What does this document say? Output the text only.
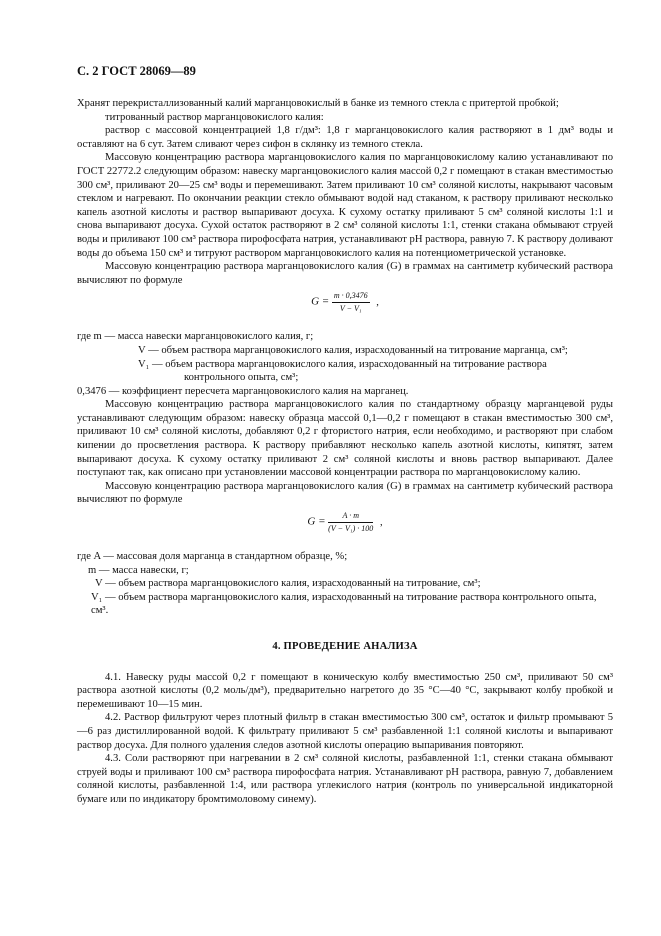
С. 2 ГОСТ 28069—89

Хранят перекристаллизованный калий марганцовокислый в банке из темного стекла с притертой пробкой;

титрованный раствор марганцовокислого калия:

раствор с массовой концентрацией 1,8 г/дм³: 1,8 г марганцовокислого калия растворяют в 1 дм³ воды и оставляют на 6 сут. Затем сливают через сифон в склянку из темного стекла.

Массовую концентрацию раствора марганцовокислого калия по марганцовокислому калию устанавливают по ГОСТ 22772.2 следующим образом: навеску марганцовокислого калия массой 0,2 г помещают в стакан вместимостью 300 см³, приливают 20—25 см³ воды и перемешивают. Затем приливают 10 см³ соляной кислоты, накрывают часовым стеклом и нагревают. По окончании реакции стекло обмывают водой над стаканом, к раствору приливают несколько капель азотной кислоты и раствор выпаривают досуха. К сухому остатку приливают 5 см³ соляной кислоты 1:1 и снова выпаривают досуха. Сухой остаток растворяют в 2 см³ соляной кислоты 1:1, стенки стакана обмывают струей воды и приливают 100 см³ раствора пирофосфата натрия, устанавливают pH раствора, равную 7. К раствору доливают воды до объема 150 см³ и титруют раствором марганцовокислого калия на потенциометрической установке.

Массовую концентрацию раствора марганцовокислого калия (G) в граммах на сантиметр кубический раствора вычисляют по формуле

$G = \frac{m \cdot 0,3476}{\text{V − V₁}}$ ,
где m — масса навески марганцовокислого калия, г;
V — объем раствора марганцовокислого калия, израсходованный на титрование марганца, см³;
V₁ — объем раствора марганцовокислого калия, израсходованный на титрование раствора
контрольного опыта, см³;
0,3476 — коэффициент пересчета марганцовокислого калия на марганец.

Массовую концентрацию раствора марганцовокислого калия по стандартному образцу марганцевой руды устанавливают следующим образом: навеску образца массой 0,1—0,2 г помещают в стакан вместимостью 300 см³, приливают 10 см³ соляной кислоты, добавляют 0,2 г фтористого натрия, если необходимо, и растворяют при слабом кипении до просветления раствора. К раствору прибавляют несколько капель азотной кислоты, кипятят, затем выпаривают досуха. К сухому остатку приливают 2 см³ соляной кислоты и вновь раствор выпаривают. Далее поступают так, как описано при установлении массовой концентрации раствора по марганцовокислому калию.

Массовую концентрацию раствора марганцовокислого калия (G) в граммах на сантиметр кубический раствора вычисляют по формуле

$G = \frac{A \cdot m}{\text{(V − V₁) · 100}}$ ,
где A — массовая доля марганца в стандартном образце, %;
m — масса навески, г;
V — объем раствора марганцовокислого калия, израсходованный на титрование, см³;
V₁ — объем раствора марганцовокислого калия, израсходованный на титрование раствора контрольного опыта, см³.
4. ПРОВЕДЕНИЕ АНАЛИЗА

4.1. Навеску руды массой 0,2 г помещают в коническую колбу вместимостью 250 см³, приливают 50 см³ раствора азотной кислоты (0,2 моль/дм³), предварительно нагретого до 35 °С—40 °С, закрывают колбу пробкой и перемешивают 10—15 мин.

4.2. Раствор фильтруют через плотный фильтр в стакан вместимостью 300 см³, остаток и фильтр промывают 5—6 раз дистиллированной водой. К фильтрату приливают 5 см³ разбавленной 1:1 соляной кислоты и выпаривают раствор досуха. Для полного удаления следов азотной кислоты операцию выпаривания повторяют.

4.3. Соли растворяют при нагревании в 2 см³ соляной кислоты, разбавленной 1:1, стенки стакана обмывают струей воды и приливают 100 см³ раствора пирофосфата натрия. Устанавливают pH раствора, равную 7, добавлением соляной кислоты, разбавленной 1:4, или раствора углекислого натрия (контроль по универсальной индикаторной бумаге или по индикатору бромтимоловому синему).
